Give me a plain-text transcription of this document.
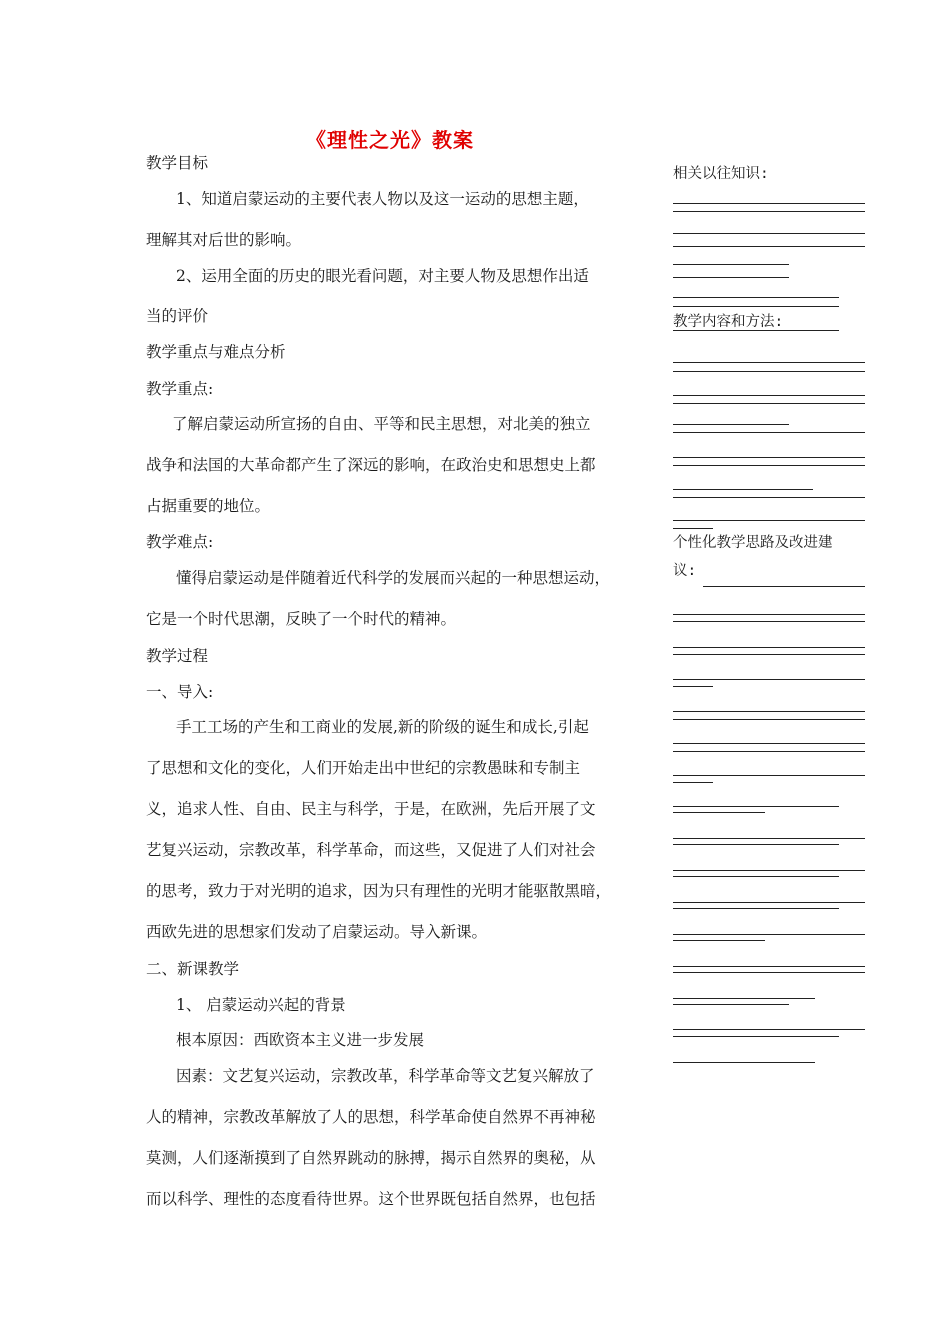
《理性之光》教案
教学目标
1、知道启蒙运动的主要代表人物以及这一运动的思想主题，
理解其对后世的影响。
2、运用全面的历史的眼光看问题，对主要人物及思想作出适
当的评价
教学重点与难点分析
教学重点:
了解启蒙运动所宣扬的自由、平等和民主思想，对北美的独立
战争和法国的大革命都产生了深远的影响，在政治史和思想史上都
占据重要的地位。
教学难点:
懂得启蒙运动是伴随着近代科学的发展而兴起的一种思想运动，
它是一个时代思潮，反映了一个时代的精神。
教学过程
一、导入:
手工工场的产生和工商业的发展,新的阶级的诞生和成长,引起
了思想和文化的变化，人们开始走出中世纪的宗教愚昧和专制主
义，追求人性、自由、民主与科学，于是，在欧洲，先后开展了文
艺复兴运动，宗教改革，科学革命，而这些，又促进了人们对社会
的思考，致力于对光明的追求，因为只有理性的光明才能驱散黑暗，
西欧先进的思想家们发动了启蒙运动。导入新课。
二、新课教学
1、 启蒙运动兴起的背景
根本原因：西欧资本主义进一步发展
因素：文艺复兴运动，宗教改革，科学革命等文艺复兴解放了
人的精神，宗教改革解放了人的思想，科学革命使自然界不再神秘
莫测，人们逐渐摸到了自然界跳动的脉搏，揭示自然界的奥秘，从
而以科学、理性的态度看待世界。这个世界既包括自然界，也包括
相关以往知识:
教学内容和方法:
个性化教学思路及改进建
议:
